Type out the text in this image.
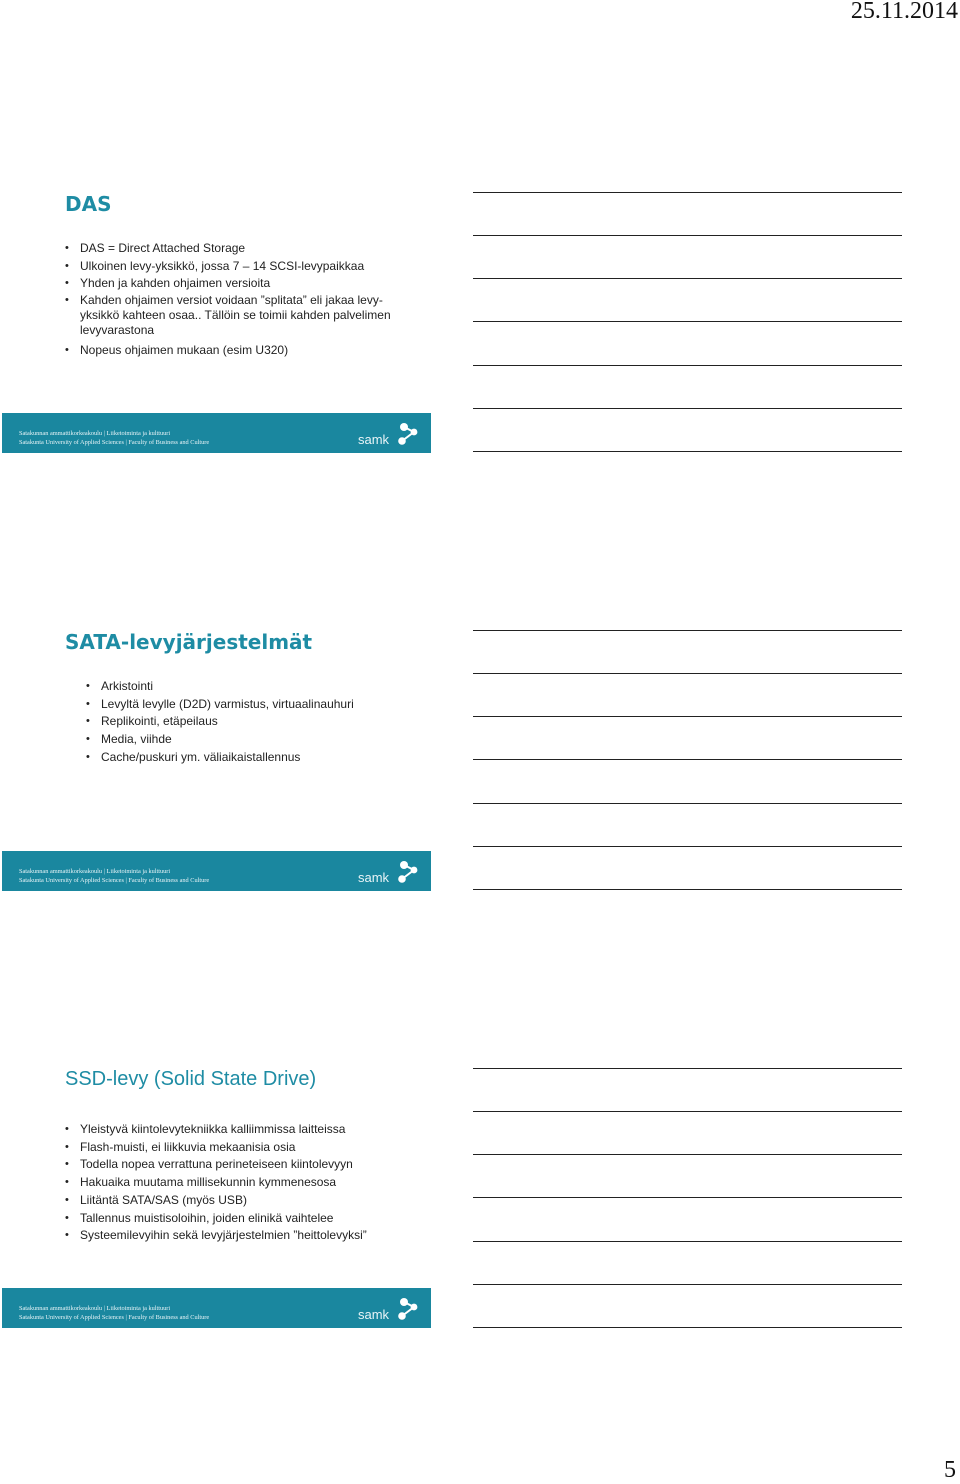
25.11.2014
DAS
• DAS = Direct Attached Storage
• Ulkoinen levy-yksikkö, jossa 7 – 14 SCSI-levypaikkaa
• Yhden ja kahden ohjaimen versioita
• Kahden ohjaimen versiot voidaan ”splitata” eli jakaa levy-yksikkö kahteen osaa.. Tällöin se toimii kahden palvelimen levyvarastona
• Nopeus ohjaimen mukaan (esim U320)
Satakunnan ammattikorkeakoulu | Liiketoiminta ja kulttuuri
Satakunta University of Applied Sciences | Faculty of Business and Culture	samk
SATA-levyjärjestelmät
• Arkistointi
• Levyltä levylle (D2D) varmistus, virtuaalinauhuri
• Replikointi, etäpeilaus
• Media, viihde
• Cache/puskuri ym. väliaikaistallennus
Satakunnan ammattikorkeakoulu | Liiketoiminta ja kulttuuri
Satakunta University of Applied Sciences | Faculty of Business and Culture	samk
SSD-levy (Solid State Drive)
• Yleistyvä kiintolevytekniikka kalliimmissa laitteissa
• Flash-muisti, ei liikkuvia mekaanisia osia
• Todella nopea verrattuna perineteiseen kiintolevyyn
• Hakuaika muutama millisekunnin kymmenesosa
• Liitäntä SATA/SAS (myös USB)
• Tallennus muistisoloihin, joiden elinikä vaihtelee
• Systeemilevyihin sekä levyjärjestelmien ”heittolevyksi”
Satakunnan ammattikorkeakoulu | Liiketoiminta ja kulttuuri
Satakunta University of Applied Sciences | Faculty of Business and Culture	samk
5
